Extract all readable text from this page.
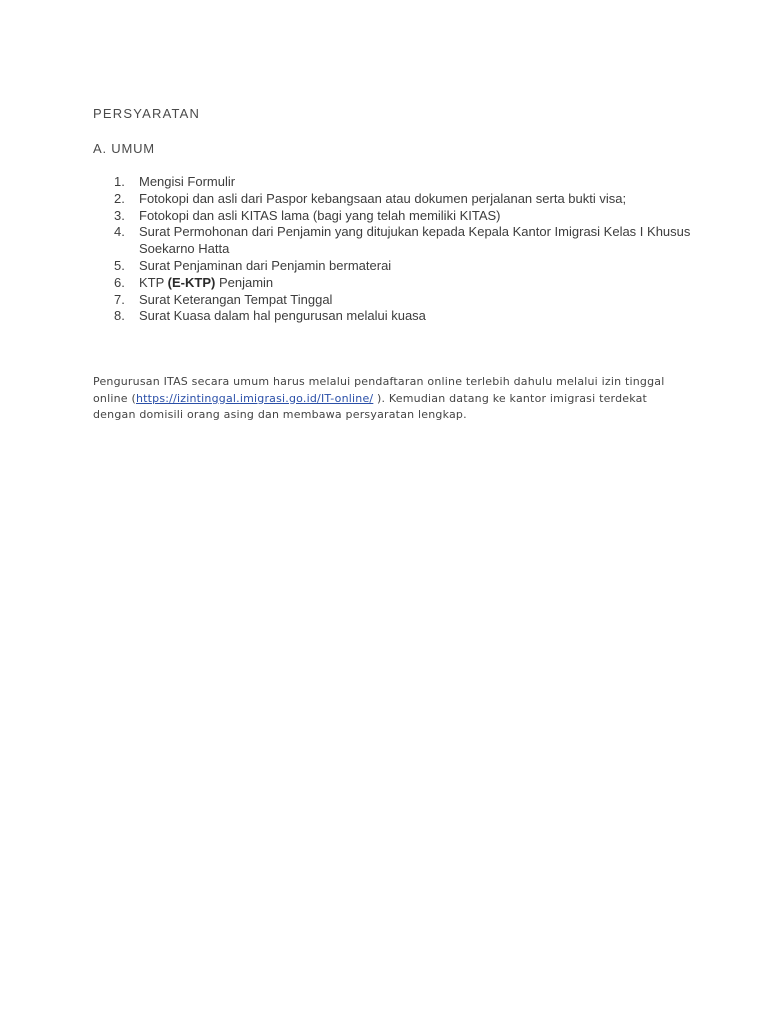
PERSYARATAN
A. UMUM
1. Mengisi Formulir
2. Fotokopi dan asli dari Paspor kebangsaan atau dokumen perjalanan serta bukti visa;
3. Fotokopi dan asli KITAS lama (bagi yang telah memiliki KITAS)
4. Surat Permohonan dari Penjamin yang ditujukan kepada Kepala Kantor Imigrasi Kelas I Khusus Soekarno Hatta
5. Surat Penjaminan dari Penjamin bermaterai
6. KTP (E-KTP) Penjamin
7. Surat Keterangan Tempat Tinggal
8. Surat Kuasa dalam hal pengurusan melalui kuasa

Pengurusan ITAS secara umum harus melalui pendaftaran online terlebih dahulu melalui izin tinggal online (https://izintinggal.imigrasi.go.id/IT-online/ ). Kemudian datang ke kantor imigrasi terdekat dengan domisili orang asing dan membawa persyaratan lengkap.
